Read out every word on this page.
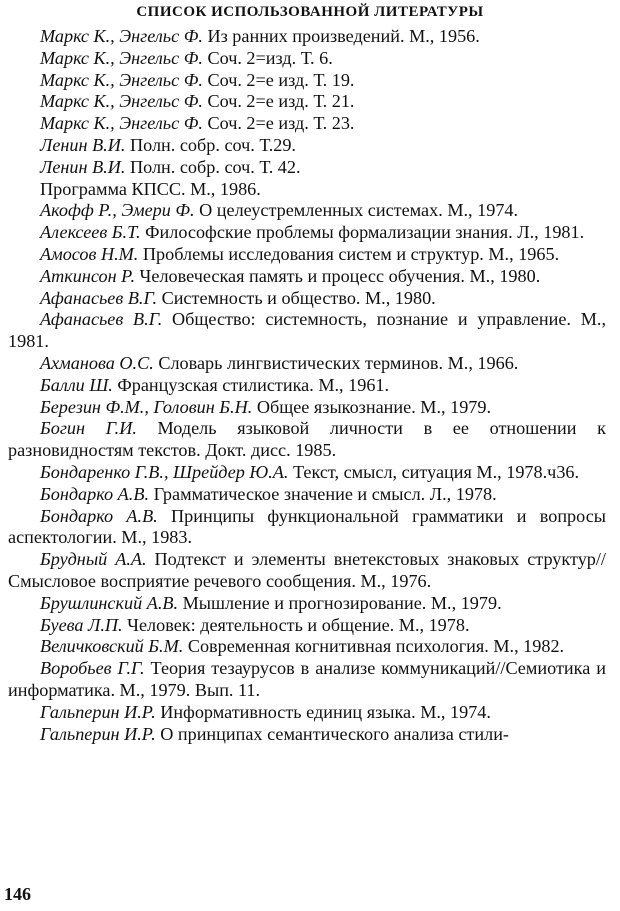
СПИСОК ИСПОЛЬЗОВАННОЙ ЛИТЕРАТУРЫ

Маркс К., Энгельс Ф. Из ранних произведений. М., 1956.

Маркс К., Энгельс Ф. Соч. 2=изд. Т. 6.

Маркс К., Энгельс Ф. Соч. 2=е изд. Т. 19.

Маркс К., Энгельс Ф. Соч. 2=е изд. Т. 21.

Маркс К., Энгельс Ф. Соч. 2=е изд. Т. 23.

Ленин В.И. Полн. собр. соч. Т.29.

Ленин В.И. Полн. собр. соч. Т. 42.

Программа КПСС. М., 1986.

Акофф Р., Эмери Ф. О целеустремленных системах. М., 1974.

Алексеев Б.Т. Философские проблемы формализации знания. Л., 1981.

Амосов Н.М. Проблемы исследования систем и структур. М., 1965.

Аткинсон Р. Человеческая память и процесс обучения. М., 1980.

Афанасьев В.Г. Системность и общество. М., 1980.

Афанасьев В.Г. Общество: системность, познание и управление. М., 1981.

Ахманова О.С. Словарь лингвистических терминов. М., 1966.

Балли Ш. Французская стилистика. М., 1961.

Березин Ф.М., Головин Б.Н. Общее языкознание. М., 1979.

Богин Г.И. Модель языковой личности в ее отношении к разновидностям текстов. Докт. дисс. 1985.

Бондаренко Г.В., Шрейдер Ю.А. Текст, смысл, ситуация М., 1978.ч36.

Бондарко А.В. Грамматическое значение и смысл. Л., 1978.

Бондарко А.В. Принципы функциональной грамматики и вопросы аспектологии. М., 1983.

Брудный А.А. Подтекст и элементы внетекстовых знаковых структур//Смысловое восприятие речевого сообщения. М., 1976.

Брушлинский А.В. Мышление и прогнозирование. М., 1979.

Буева Л.П. Человек: деятельность и общение. М., 1978.

Величковский Б.М. Современная когнитивная психология. М., 1982.

Воробьев Г.Г. Теория тезаурусов в анализе коммуникаций//Семиотика и информатика. М., 1979. Вып. 11.

Гальперин И.Р. Информативность единиц языка. М., 1974.

Гальперин И.Р. О принципах семантического анализа стили-

146
